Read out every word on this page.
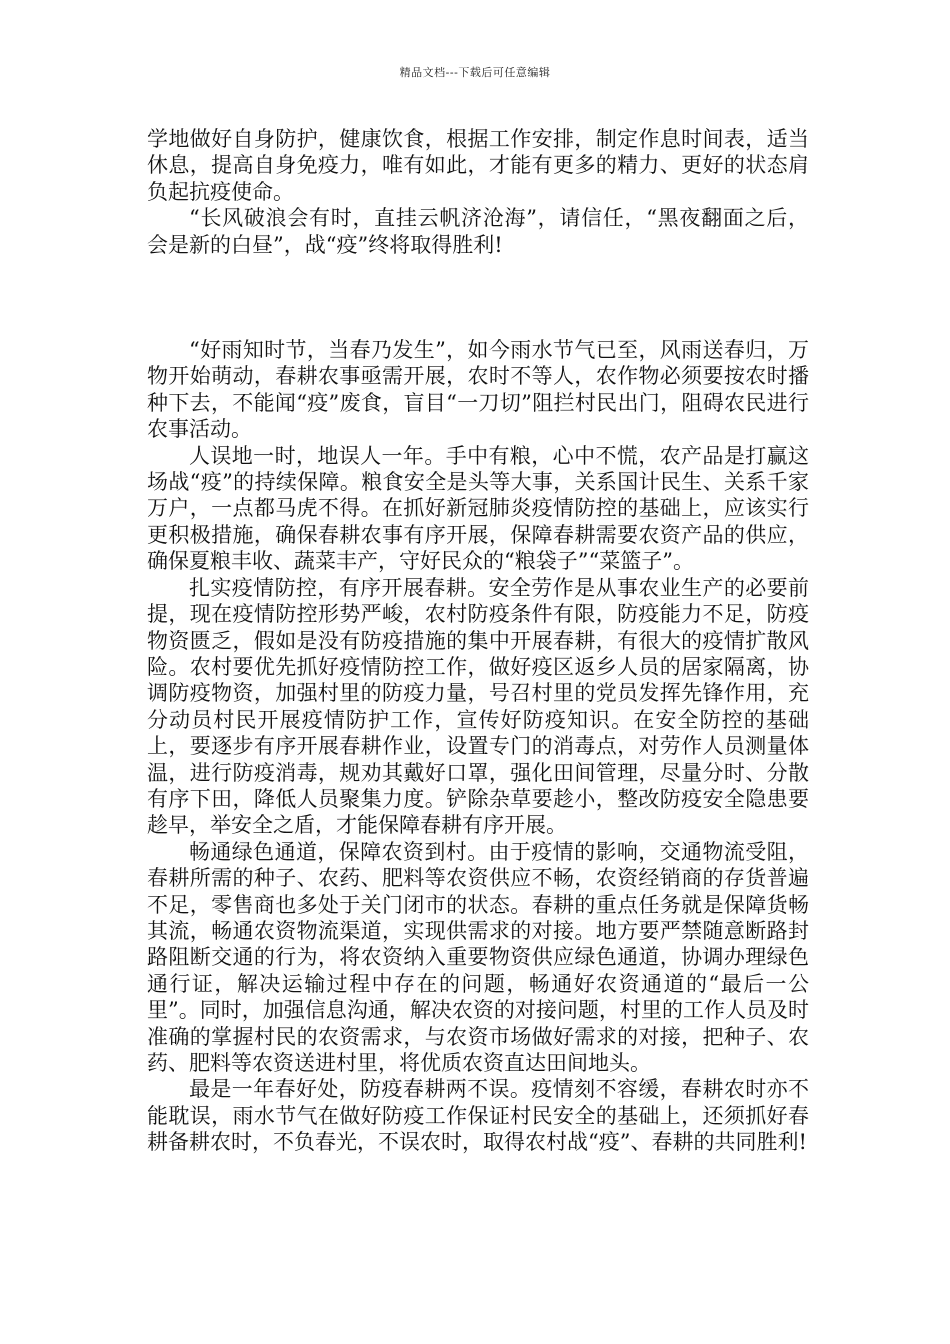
精品文档---下载后可任意编辑

学地做好自身防护，健康饮食，根据工作安排，制定作息时间表，适当休息，提高自身免疫力，唯有如此，才能有更多的精力、更好的状态肩负起抗疫使命。

“长风破浪会有时，直挂云帆济沧海”，请信任，“黑夜翻面之后，会是新的白昼”，战“疫”终将取得胜利!

“好雨知时节，当春乃发生”，如今雨水节气已至，风雨送春归，万物开始萌动，春耕农事亟需开展，农时不等人，农作物必须要按农时播种下去，不能闻“疫”废食，盲目“一刀切”阻拦村民出门，阻碍农民进行农事活动。

人误地一时，地误人一年。手中有粮，心中不慌，农产品是打赢这场战“疫”的持续保障。粮食安全是头等大事，关系国计民生、关系千家万户，一点都马虎不得。在抓好新冠肺炎疫情防控的基础上，应该实行更积极措施，确保春耕农事有序开展，保障春耕需要农资产品的供应，确保夏粮丰收、蔬菜丰产，守好民众的“粮袋子”“菜篮子”。

扎实疫情防控，有序开展春耕。安全劳作是从事农业生产的必要前提，现在疫情防控形势严峻，农村防疫条件有限，防疫能力不足，防疫物资匮乏，假如是没有防疫措施的集中开展春耕，有很大的疫情扩散风险。农村要优先抓好疫情防控工作，做好疫区返乡人员的居家隔离，协调防疫物资，加强村里的防疫力量，号召村里的党员发挥先锋作用，充分动员村民开展疫情防护工作，宣传好防疫知识。在安全防控的基础上，要逐步有序开展春耕作业，设置专门的消毒点，对劳作人员测量体温，进行防疫消毒，规劝其戴好口罩，强化田间管理，尽量分时、分散有序下田，降低人员聚集力度。铲除杂草要趁小，整改防疫安全隐患要趁早，举安全之盾，才能保障春耕有序开展。

畅通绿色通道，保障农资到村。由于疫情的影响，交通物流受阻，春耕所需的种子、农药、肥料等农资供应不畅，农资经销商的存货普遍不足，零售商也多处于关门闭市的状态。春耕的重点任务就是保障货畅其流，畅通农资物流渠道，实现供需求的对接。地方要严禁随意断路封路阻断交通的行为，将农资纳入重要物资供应绿色通道，协调办理绿色通行证，解决运输过程中存在的问题，畅通好农资通道的“最后一公里”。同时，加强信息沟通，解决农资的对接问题，村里的工作人员及时准确的掌握村民的农资需求，与农资市场做好需求的对接，把种子、农药、肥料等农资送进村里，将优质农资直达田间地头。

最是一年春好处，防疫春耕两不误。疫情刻不容缓，春耕农时亦不能耽误，雨水节气在做好防疫工作保证村民安全的基础上，还须抓好春耕备耕农时，不负春光，不误农时，取得农村战“疫”、春耕的共同胜利!
